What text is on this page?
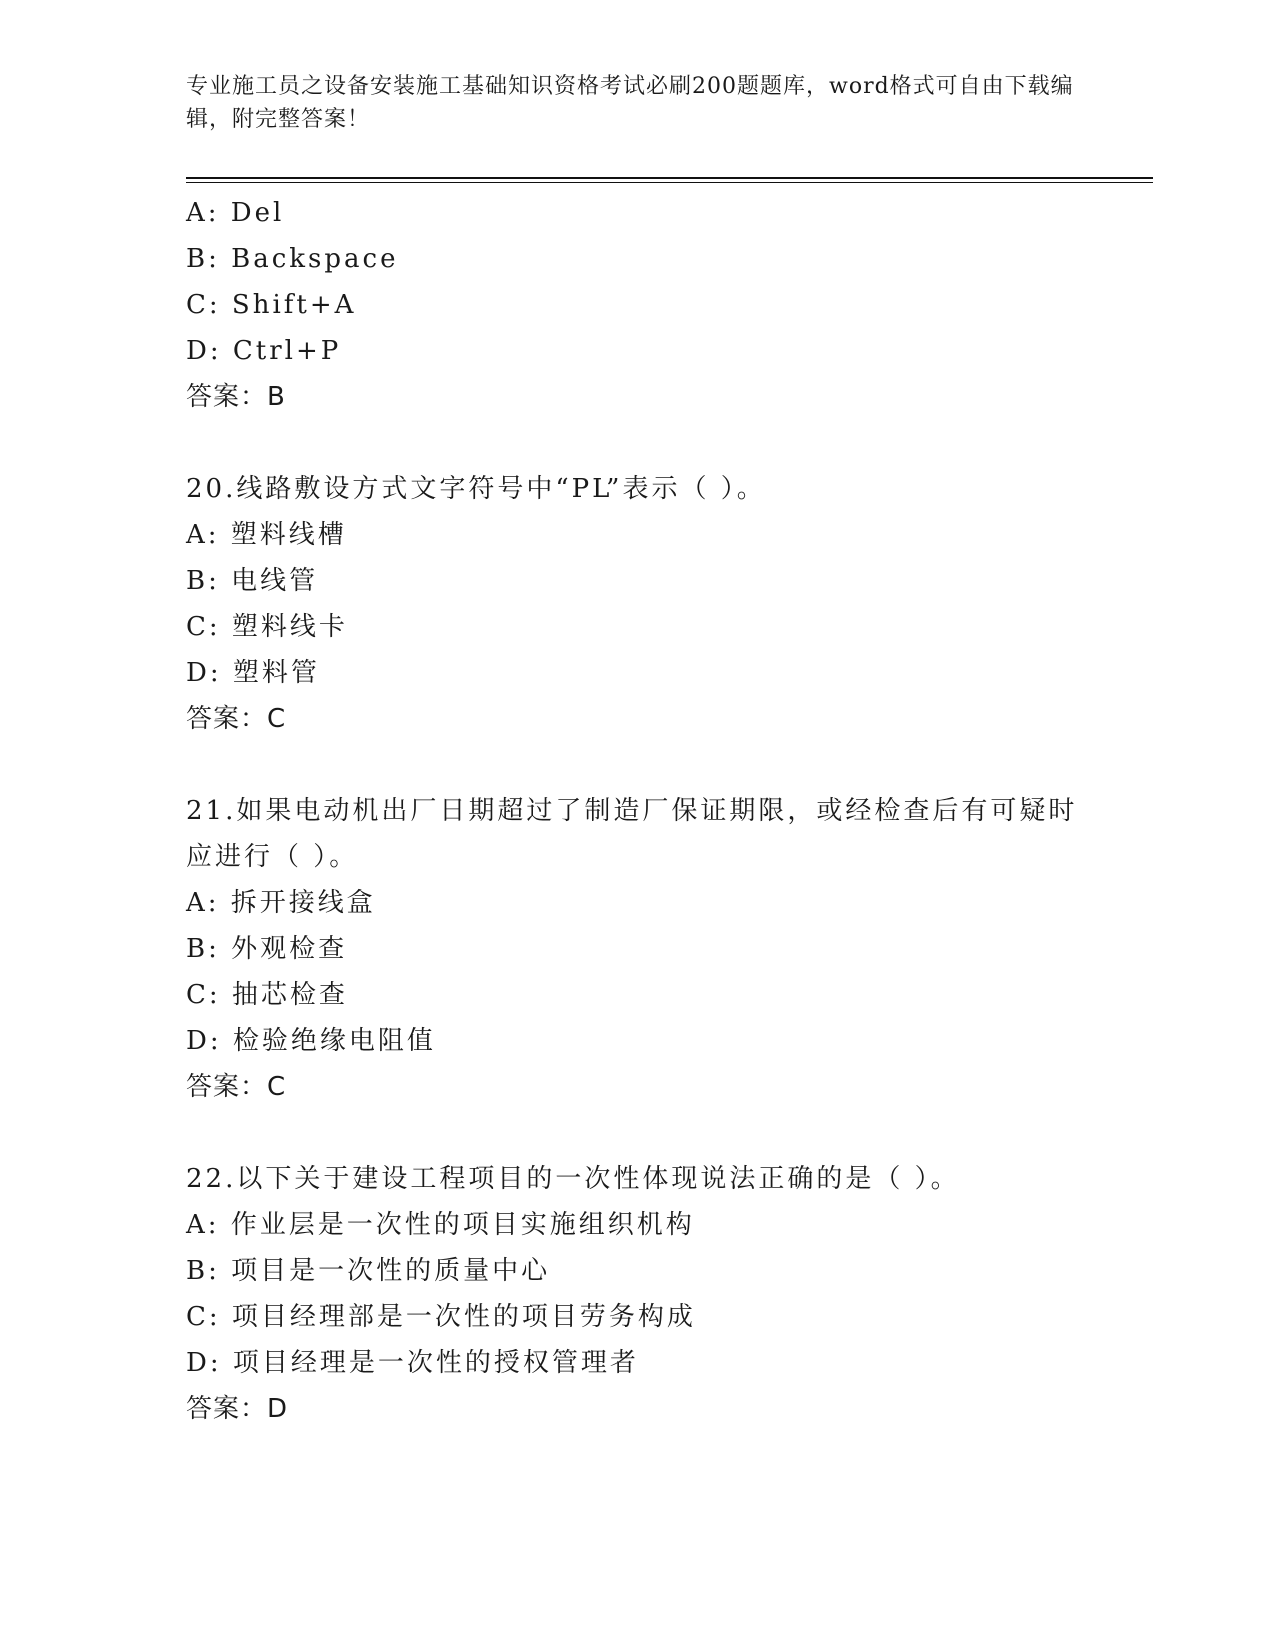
专业施工员之设备安装施工基础知识资格考试必刷200题题库，word格式可自由下载编辑，附完整答案！
A: Del
B: Backspace
C: Shift+A
D: Ctrl+P
答案：B
20.线路敷设方式文字符号中“PL”表示（ ）。
A: 塑料线槽
B: 电线管
C: 塑料线卡
D: 塑料管
答案：C
21.如果电动机出厂日期超过了制造厂保证期限，或经检查后有可疑时
应进行（ ）。
A: 拆开接线盒
B: 外观检查
C: 抽芯检查
D: 检验绝缘电阻值
答案：C
22.以下关于建设工程项目的一次性体现说法正确的是（ ）。
A: 作业层是一次性的项目实施组织机构
B: 项目是一次性的质量中心
C: 项目经理部是一次性的项目劳务构成
D: 项目经理是一次性的授权管理者
答案：D
